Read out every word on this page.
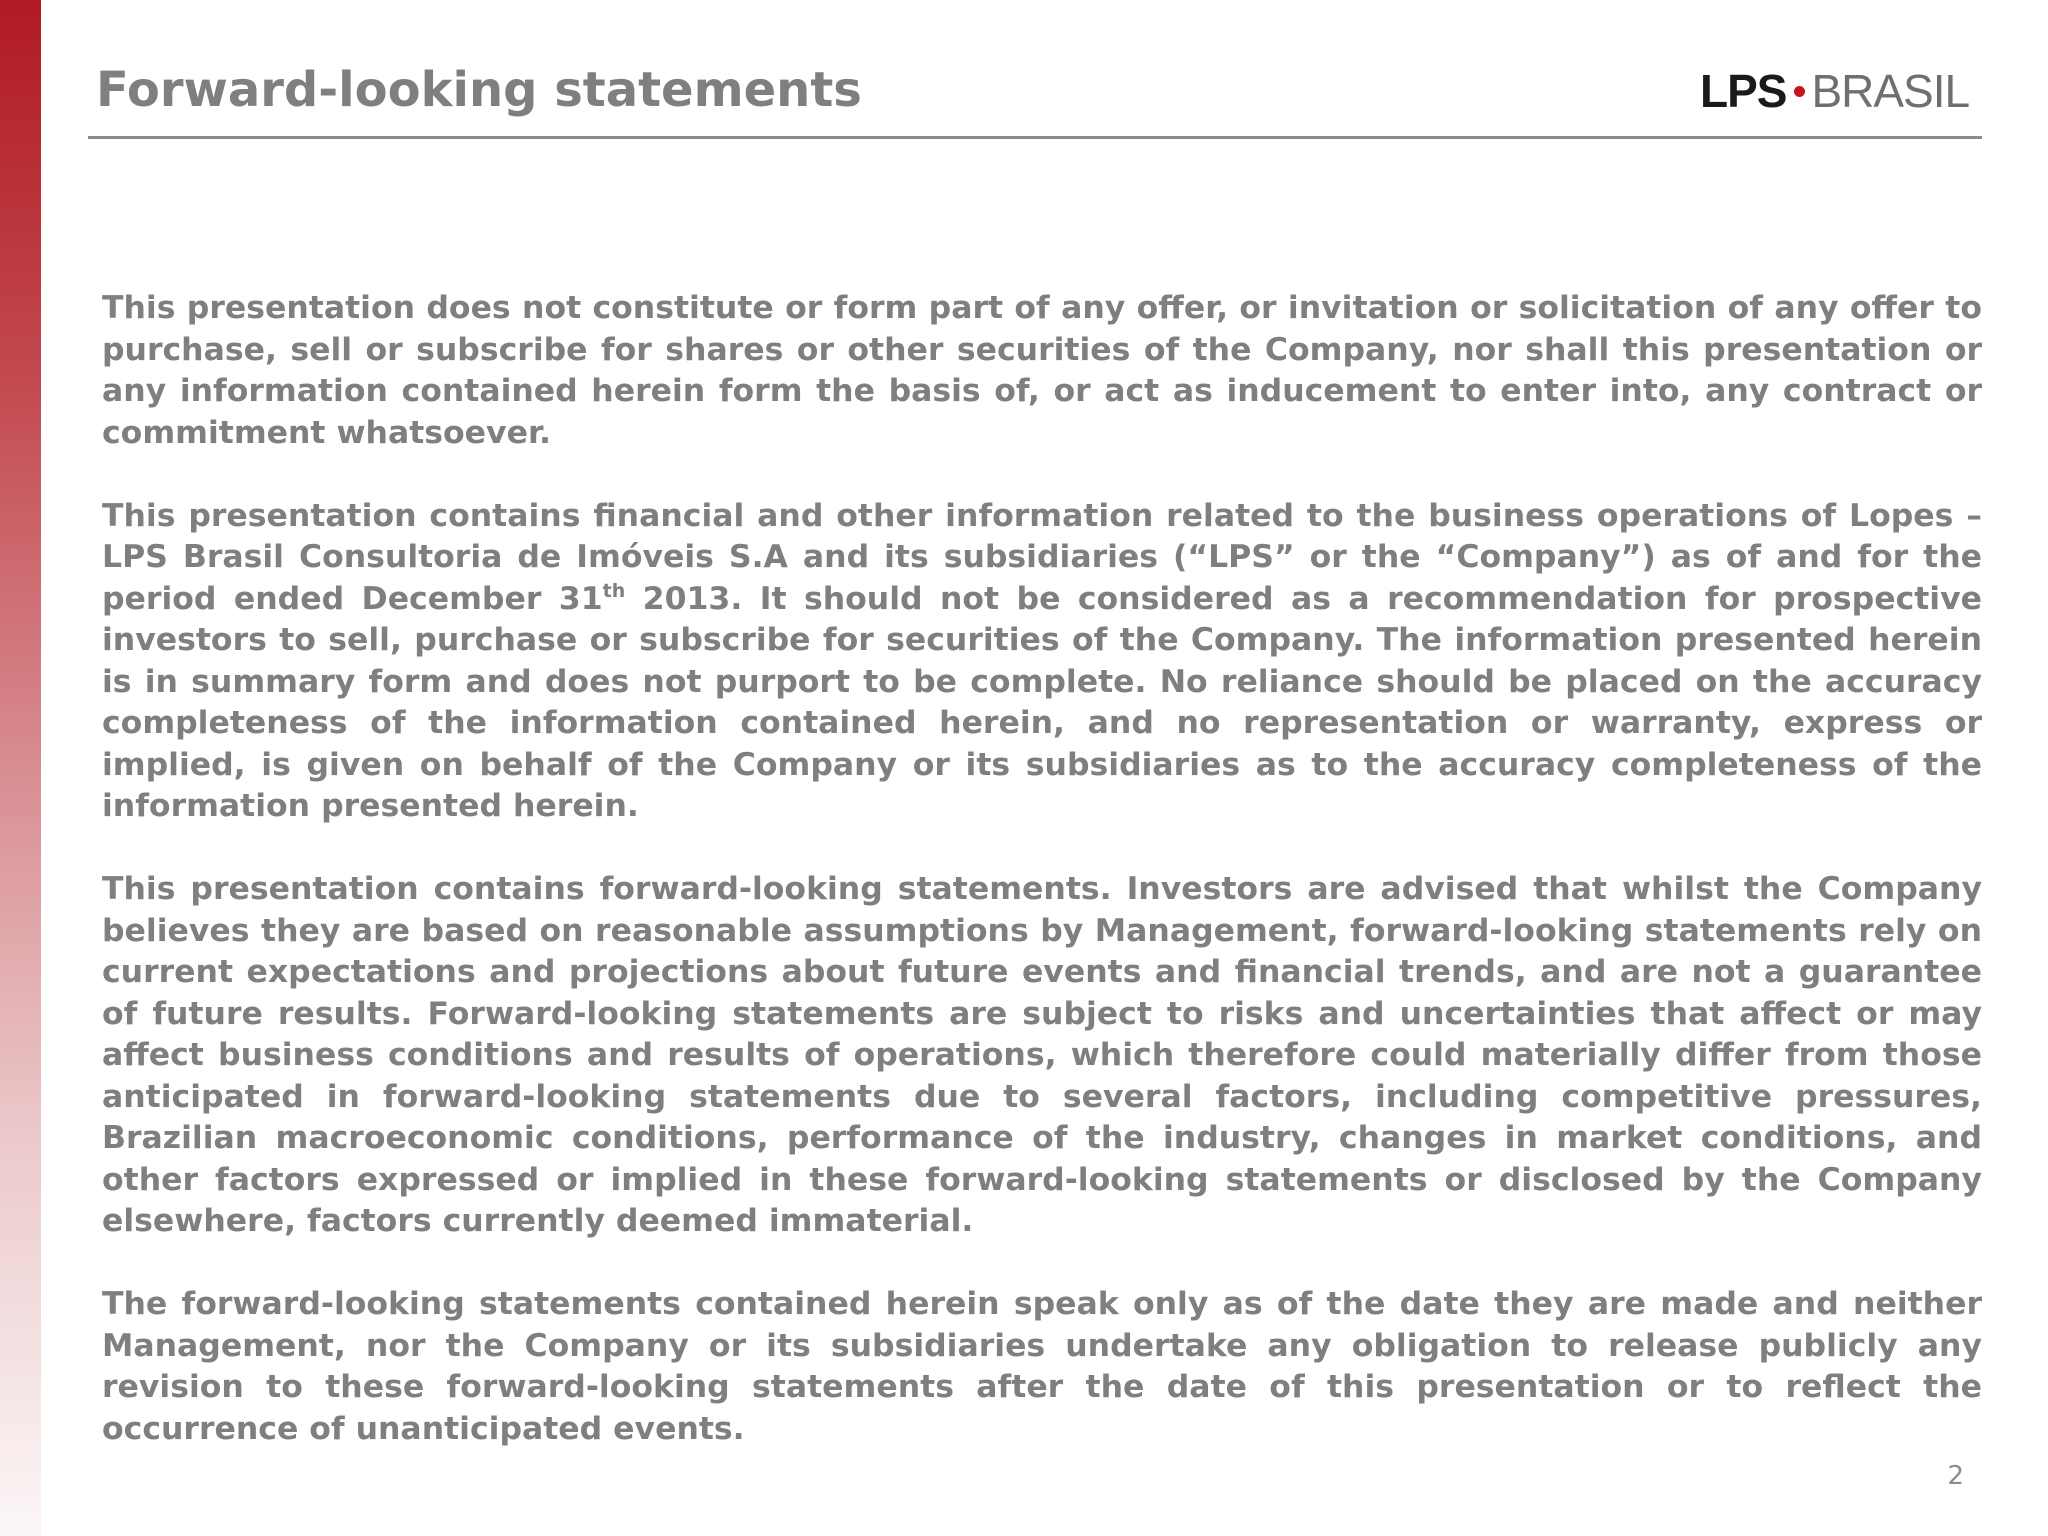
Forward-looking statements	LPS BRASIL

This presentation does not constitute or form part of any offer, or invitation or solicitation of any offer to purchase, sell or subscribe for shares or other securities of the Company, nor shall this presentation or any information contained herein form the basis of, or act as inducement to enter into, any contract or commitment whatsoever.

This presentation contains financial and other information related to the business operations of Lopes –LPS Brasil Consultoria de Imóveis S.A and its subsidiaries (“LPS” or the “Company”) as of and for the period ended December 31th 2013. It should not be considered as a recommendation for prospective investors to sell, purchase or subscribe for securities of the Company. The information presented herein is in summary form and does not purport to be complete. No reliance should be placed on the accuracy completeness of the information contained herein, and no representation or warranty, express or implied, is given on behalf of the Company or its subsidiaries as to the accuracy completeness of the information presented herein.

This presentation contains forward-looking statements. Investors are advised that whilst the Company believes they are based on reasonable assumptions by Management, forward-looking statements rely on current expectations and projections about future events and financial trends, and are not a guarantee of future results. Forward-looking statements are subject to risks and uncertainties that affect or may affect business conditions and results of operations, which therefore could materially differ from those anticipated in forward-looking statements due to several factors, including competitive pressures, Brazilian macroeconomic conditions, performance of the industry, changes in market conditions, and other factors expressed or implied in these forward-looking statements or disclosed by the Company elsewhere, factors currently deemed immaterial.

The forward-looking statements contained herein speak only as of the date they are made and neither Management, nor the Company or its subsidiaries undertake any obligation to release publicly any revision to these forward-looking statements after the date of this presentation or to reflect the occurrence of unanticipated events.

2
